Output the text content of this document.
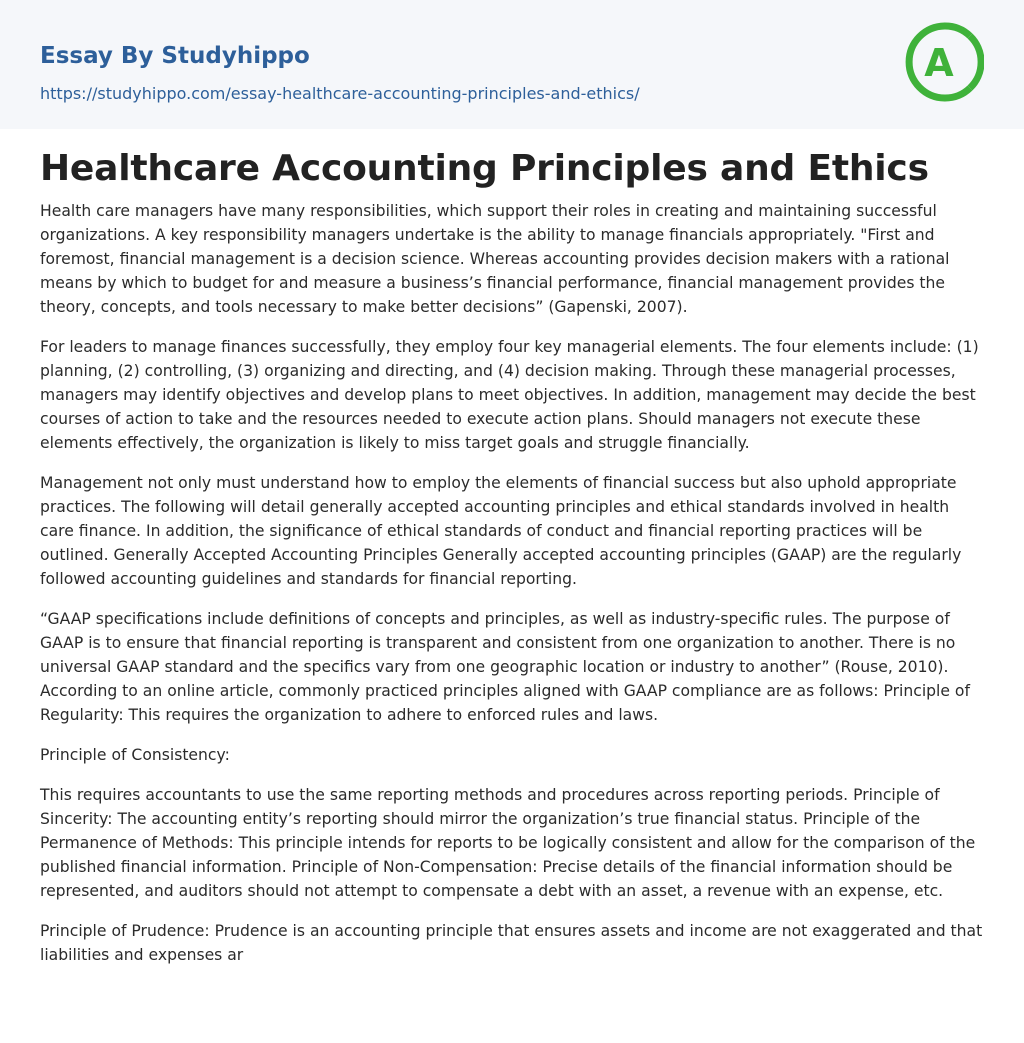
Essay By Studyhippo
https://studyhippo.com/essay-healthcare-accounting-principles-and-ethics/
A
Healthcare Accounting Principles and Ethics

Health care managers have many responsibilities, which support their roles in creating and maintaining successful organizations. A key responsibility managers undertake is the ability to manage financials appropriately. "First and foremost, financial management is a decision science. Whereas accounting provides decision makers with a rational means by which to budget for and measure a business’s financial performance, financial management provides the theory, concepts, and tools necessary to make better decisions” (Gapenski, 2007).

For leaders to manage finances successfully, they employ four key managerial elements. The four elements include: (1) planning, (2) controlling, (3) organizing and directing, and (4) decision making. Through these managerial processes, managers may identify objectives and develop plans to meet objectives. In addition, management may decide the best courses of action to take and the resources needed to execute action plans. Should managers not execute these elements effectively, the organization is likely to miss target goals and struggle financially.

Management not only must understand how to employ the elements of financial success but also uphold appropriate practices. The following will detail generally accepted accounting principles and ethical standards involved in health care finance. In addition, the significance of ethical standards of conduct and financial reporting practices will be outlined. Generally Accepted Accounting Principles Generally accepted accounting principles (GAAP) are the regularly followed accounting guidelines and standards for financial reporting.

“GAAP specifications include definitions of concepts and principles, as well as industry-specific rules. The purpose of GAAP is to ensure that financial reporting is transparent and consistent from one organization to another. There is no universal GAAP standard and the specifics vary from one geographic location or industry to another” (Rouse, 2010). According to an online article, commonly practiced principles aligned with GAAP compliance are as follows: Principle of Regularity: This requires the organization to adhere to enforced rules and laws.

Principle of Consistency:

This requires accountants to use the same reporting methods and procedures across reporting periods. Principle of Sincerity: The accounting entity’s reporting should mirror the organization’s true financial status. Principle of the Permanence of Methods: This principle intends for reports to be logically consistent and allow for the comparison of the published financial information. Principle of Non-Compensation: Precise details of the financial information should be represented, and auditors should not attempt to compensate a debt with an asset, a revenue with an expense, etc.

Principle of Prudence: Prudence is an accounting principle that ensures assets and income are not exaggerated and that liabilities and expenses ar
